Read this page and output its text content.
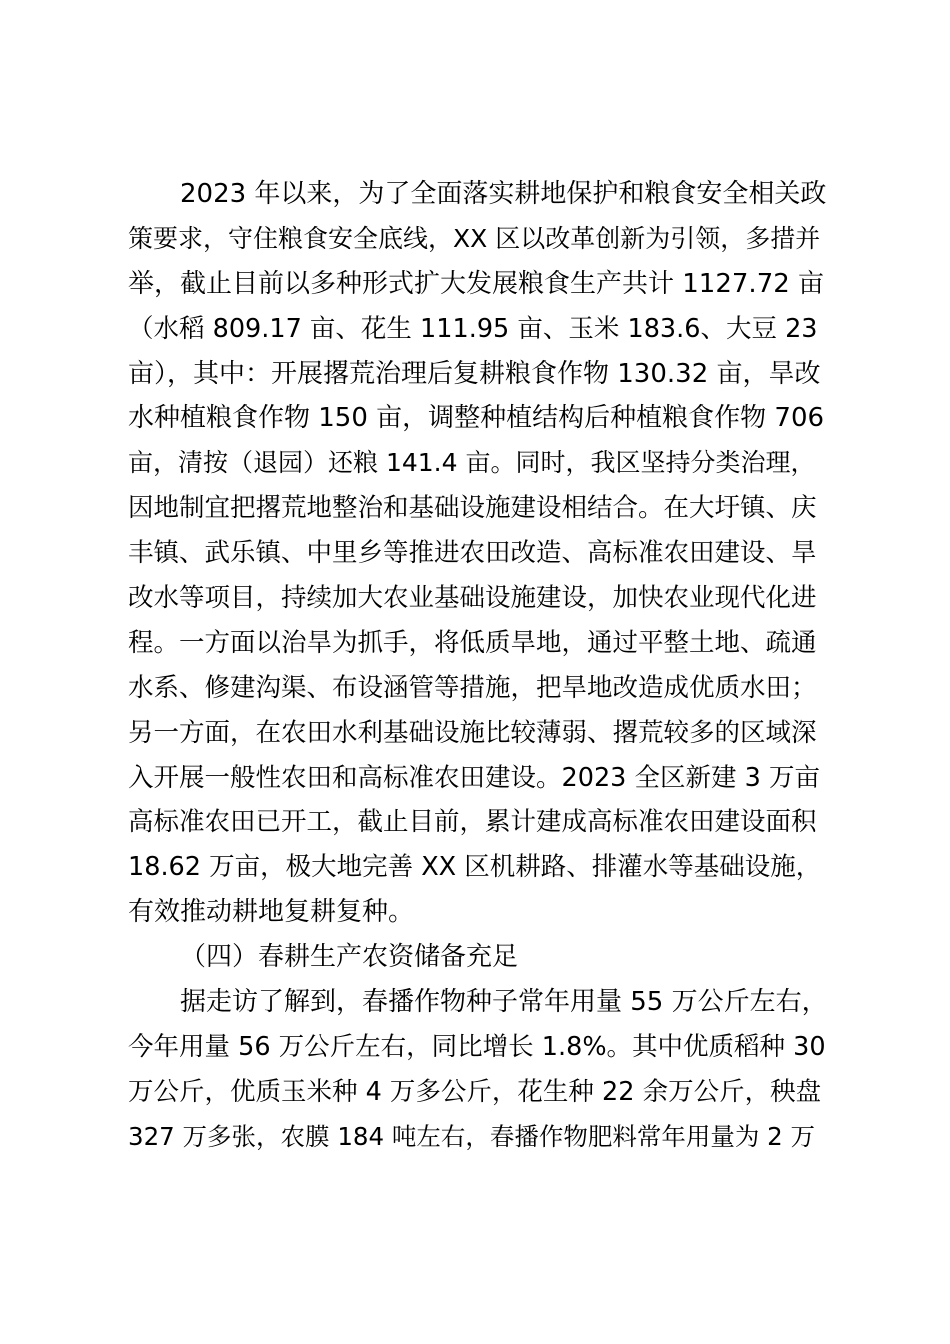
2023 年以来，为了全面落实耕地保护和粮食安全相关政
策要求，守住粮食安全底线，XX 区以改革创新为引领，多措并
举，截止目前以多种形式扩大发展粮食生产共计 1127.72 亩
（水稻 809.17 亩、花生 111.95 亩、玉米 183.6、大豆 23
亩），其中：开展撂荒治理后复耕粮食作物 130.32 亩，旱改
水种植粮食作物 150 亩，调整种植结构后种植粮食作物 706
亩，清按（退园）还粮 141.4 亩。同时，我区坚持分类治理，
因地制宜把撂荒地整治和基础设施建设相结合。在大圩镇、庆
丰镇、武乐镇、中里乡等推进农田改造、高标准农田建设、旱
改水等项目，持续加大农业基础设施建设，加快农业现代化进
程。一方面以治旱为抓手，将低质旱地，通过平整土地、疏通
水系、修建沟渠、布设涵管等措施，把旱地改造成优质水田；
另一方面，在农田水利基础设施比较薄弱、撂荒较多的区域深
入开展一般性农田和高标准农田建设。2023 全区新建 3 万亩
高标准农田已开工，截止目前，累计建成高标准农田建设面积
18.62 万亩，极大地完善 XX 区机耕路、排灌水等基础设施，
有效推动耕地复耕复种。
（四）春耕生产农资储备充足
据走访了解到，春播作物种子常年用量 55 万公斤左右，
今年用量 56 万公斤左右，同比增长 1.8%。其中优质稻种 30
万公斤，优质玉米种 4 万多公斤，花生种 22 余万公斤，秧盘
327 万多张，农膜 184 吨左右，春播作物肥料常年用量为 2 万
